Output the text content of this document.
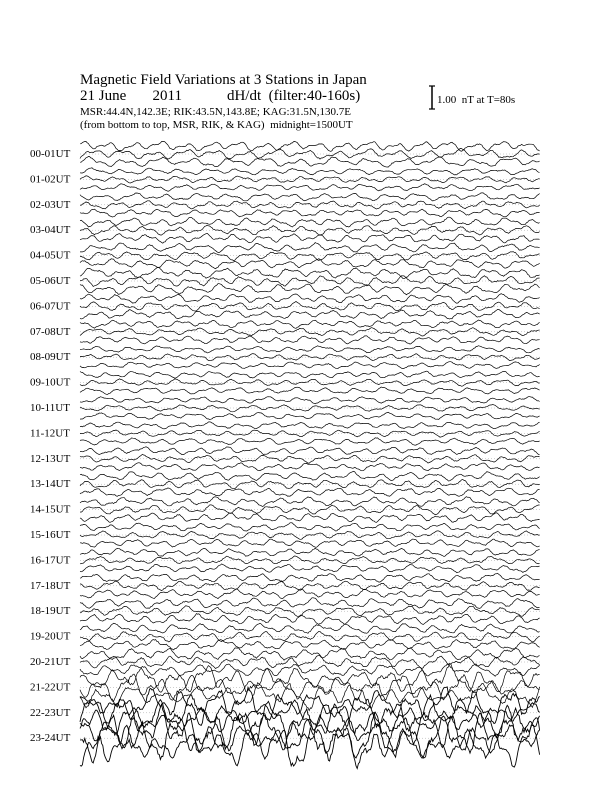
Magnetic Field Variations at 3 Stations in Japan
21 June 2011	dH/dt (filter:40-160s)
MSR:44.4N,142.3E; RIK:43.5N,143.8E; KAG:31.5N,130.7E
(from bottom to top, MSR, RIK, & KAG) midnight=1500UT
1.00  nT at T=80s
00-01UT
01-02UT
02-03UT
03-04UT
04-05UT
05-06UT
06-07UT
07-08UT
08-09UT
09-10UT
10-11UT
11-12UT
12-13UT
13-14UT
14-15UT
15-16UT
16-17UT
17-18UT
18-19UT
19-20UT
20-21UT
21-22UT
22-23UT
23-24UT
